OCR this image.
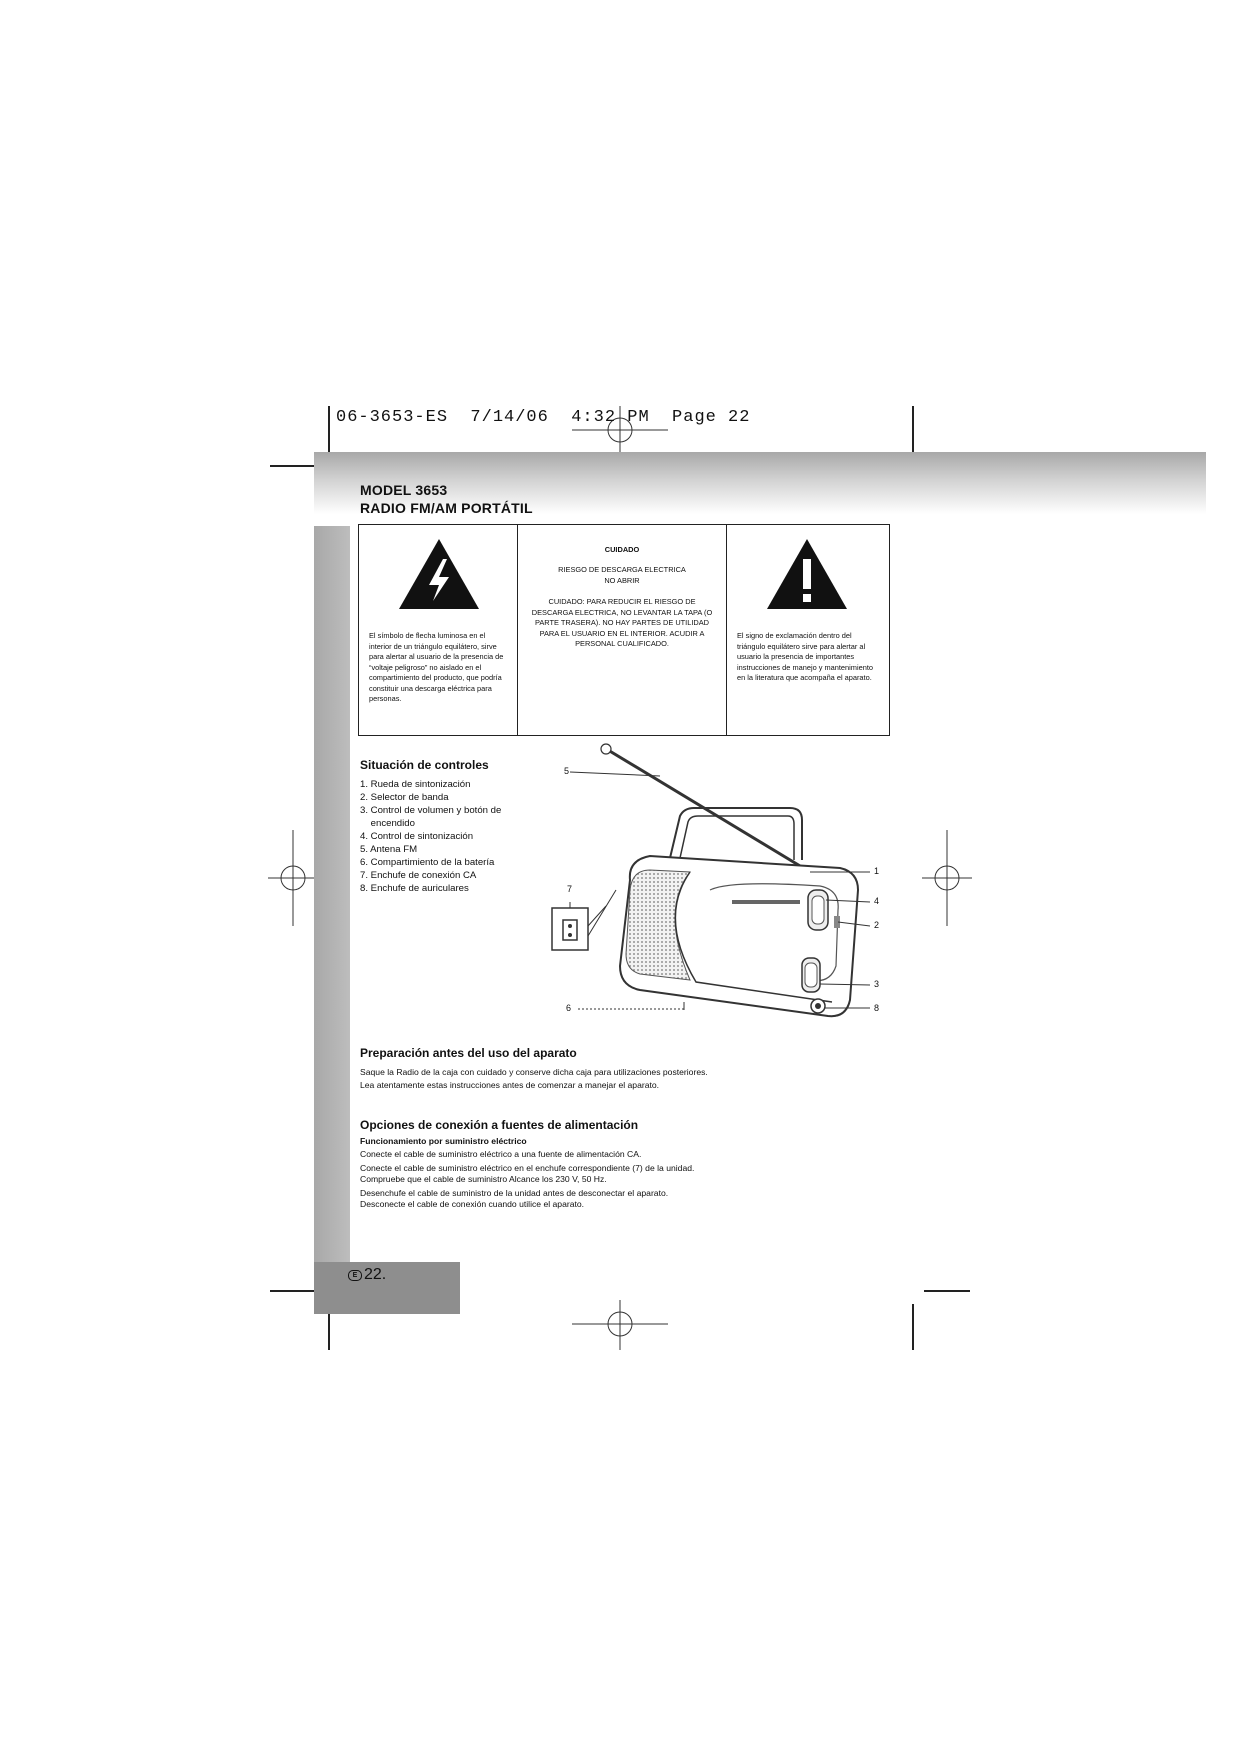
06-3653-ES  7/14/06  4:32 PM  Page 22
MODEL 3653
RADIO FM/AM PORTÁTIL
El símbolo de flecha luminosa en el interior de un triángulo equilátero, sirve para alertar al usuario de la presencia de “voltaje peligroso” no aislado en el compartimiento del producto, que podría constituir una descarga eléctrica para personas.
CUIDADO
RIESGO DE DESCARGA ELECTRICA
NO ABRIR
CUIDADO: PARA REDUCIR EL RIESGO DE DESCARGA ELECTRICA, NO LEVANTAR LA TAPA (O PARTE TRASERA). NO HAY PARTES DE UTILIDAD PARA EL USUARIO EN EL INTERIOR. ACUDIR A PERSONAL CUALIFICADO.
El signo de exclamación dentro del triángulo equilátero sirve para alertar al usuario la presencia de importantes instrucciones de manejo y mantenimiento en la literatura que acompaña el aparato.
Situación de controles
1. Rueda de sintonización
2. Selector de banda
3. Control de volumen y botón de
encendido
4. Control de sintonización
5. Antena FM
6. Compartimiento de la batería
7. Enchufe de conexión CA
8. Enchufe de auriculares
5
1
4
2
3
8
6
7
Preparación antes del uso del aparato
Saque la Radio de la caja con cuidado y conserve dicha caja para utilizaciones posteriores.
Lea atentamente estas instrucciones antes de comenzar a manejar el aparato.
Opciones de conexión a fuentes de alimentación
Funcionamiento por suministro eléctrico
Conecte el cable de suministro eléctrico a una fuente de alimentación CA.
Conecte el cable de suministro eléctrico en el enchufe correspondiente (7) de la unidad.
Compruebe que el cable de suministro Alcance los 230 V, 50 Hz.
Desenchufe el cable de suministro de la unidad antes de desconectar el aparato.
Desconecte el cable de conexión cuando utilice el aparato.
E 22.
